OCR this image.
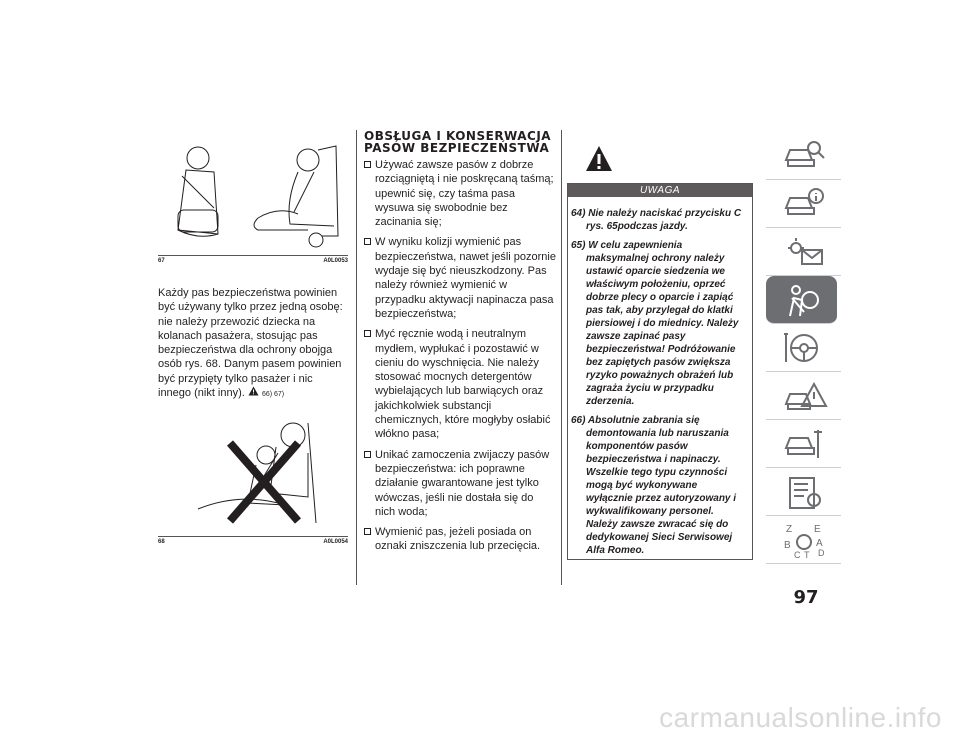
67	A0L0053

Każdy pas bezpieczeństwa powinien być używany tylko przez jedną osobę: nie należy przewozić dziecka na kolanach pasażera, stosując pas bezpieczeństwa dla ochrony obojga osób rys. 68. Danym pasem powinien być przypięty tylko pasażer i nic innego (nikt inny). 66) 67)

68	A0L0054
OBSŁUGA I KONSERWACJA PASÓW BEZPIECZEŃSTWA
Używać zawsze pasów z dobrze rozciągniętą i nie poskręcaną taśmą; upewnić się, czy taśma pasa wysuwa się swobodnie bez zacinania się;
W wyniku kolizji wymienić pas bezpieczeństwa, nawet jeśli pozornie wydaje się być nieuszkodzony. Pas należy również wymienić w przypadku aktywacji napinacza pasa bezpieczeństwa;
Myć ręcznie wodą i neutralnym mydłem, wypłukać i pozostawić w cieniu do wyschnięcia. Nie należy stosować mocnych detergentów wybielających lub barwiących oraz jakichkolwiek substancji chemicznych, które mogłyby osłabić włókno pasa;
Unikać zamoczenia zwijaczy pasów bezpieczeństwa: ich poprawne działanie gwarantowane jest tylko wówczas, jeśli nie dostała się do nich woda;
Wymienić pas, jeżeli posiada on oznaki zniszczenia lub przecięcia.
UWAGA
64) Nie należy naciskać przycisku C rys. 65podczas jazdy.
65) W celu zapewnienia maksymalnej ochrony należy ustawić oparcie siedzenia we właściwym położeniu, oprzeć dobrze plecy o oparcie i zapiąć pas tak, aby przylegał do klatki piersiowej i do miednicy. Należy zawsze zapinać pasy bezpieczeństwa! Podróżowanie bez zapiętych pasów zwiększa ryzyko poważnych obrażeń lub zagraża życiu w przypadku zderzenia.
66) Absolutnie zabrania się demontowania lub naruszania komponentów pasów bezpieczeństwa i napinaczy. Wszelkie tego typu czynności mogą być wykonywane wyłącznie przez autoryzowany i wykwalifikowany personel. Należy zawsze zwracać się do dedykowanej Sieci Serwisowej Alfa Romeo.
Z E
B	A
C T D
97
carmanualsonline.info
